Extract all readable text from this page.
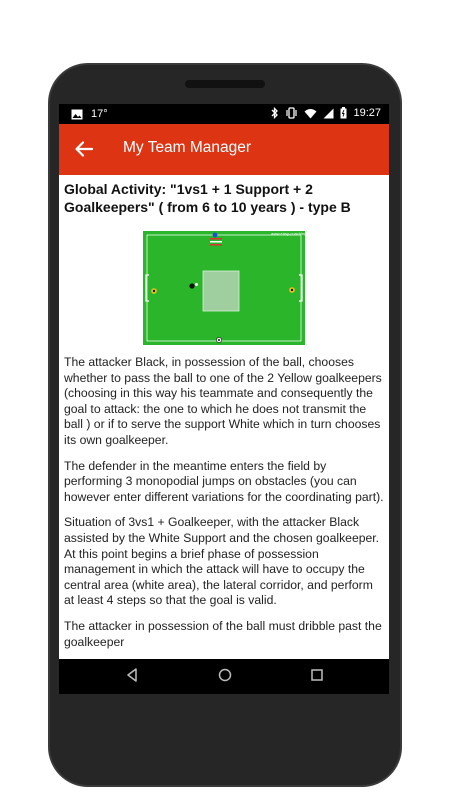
17°	19:27
My Team Manager

Global Activity: "1vs1 + 1 Support + 2 Goalkeepers" ( from 6 to 10 years ) - type B

www.easy-coaching.com

The attacker Black, in possession of the ball, chooses whether to pass the ball to one of the 2 Yellow goalkeepers (choosing in this way his teammate and consequently the goal to attack: the one to which he does not transmit the ball ) or if to serve the support White which in turn chooses its own goalkeeper.

The defender in the meantime enters the field by performing 3 monopodial jumps on obstacles (you can however enter different variations for the coordinating part).

Situation of 3vs1 + Goalkeeper, with the attacker Black assisted by the White Support and the chosen goalkeeper. At this point begins a brief phase of possession management in which the attack will have to occupy the central area (white area), the lateral corridor, and perform at least 4 steps so that the goal is valid.

The attacker in possession of the ball must dribble past the goalkeeper
